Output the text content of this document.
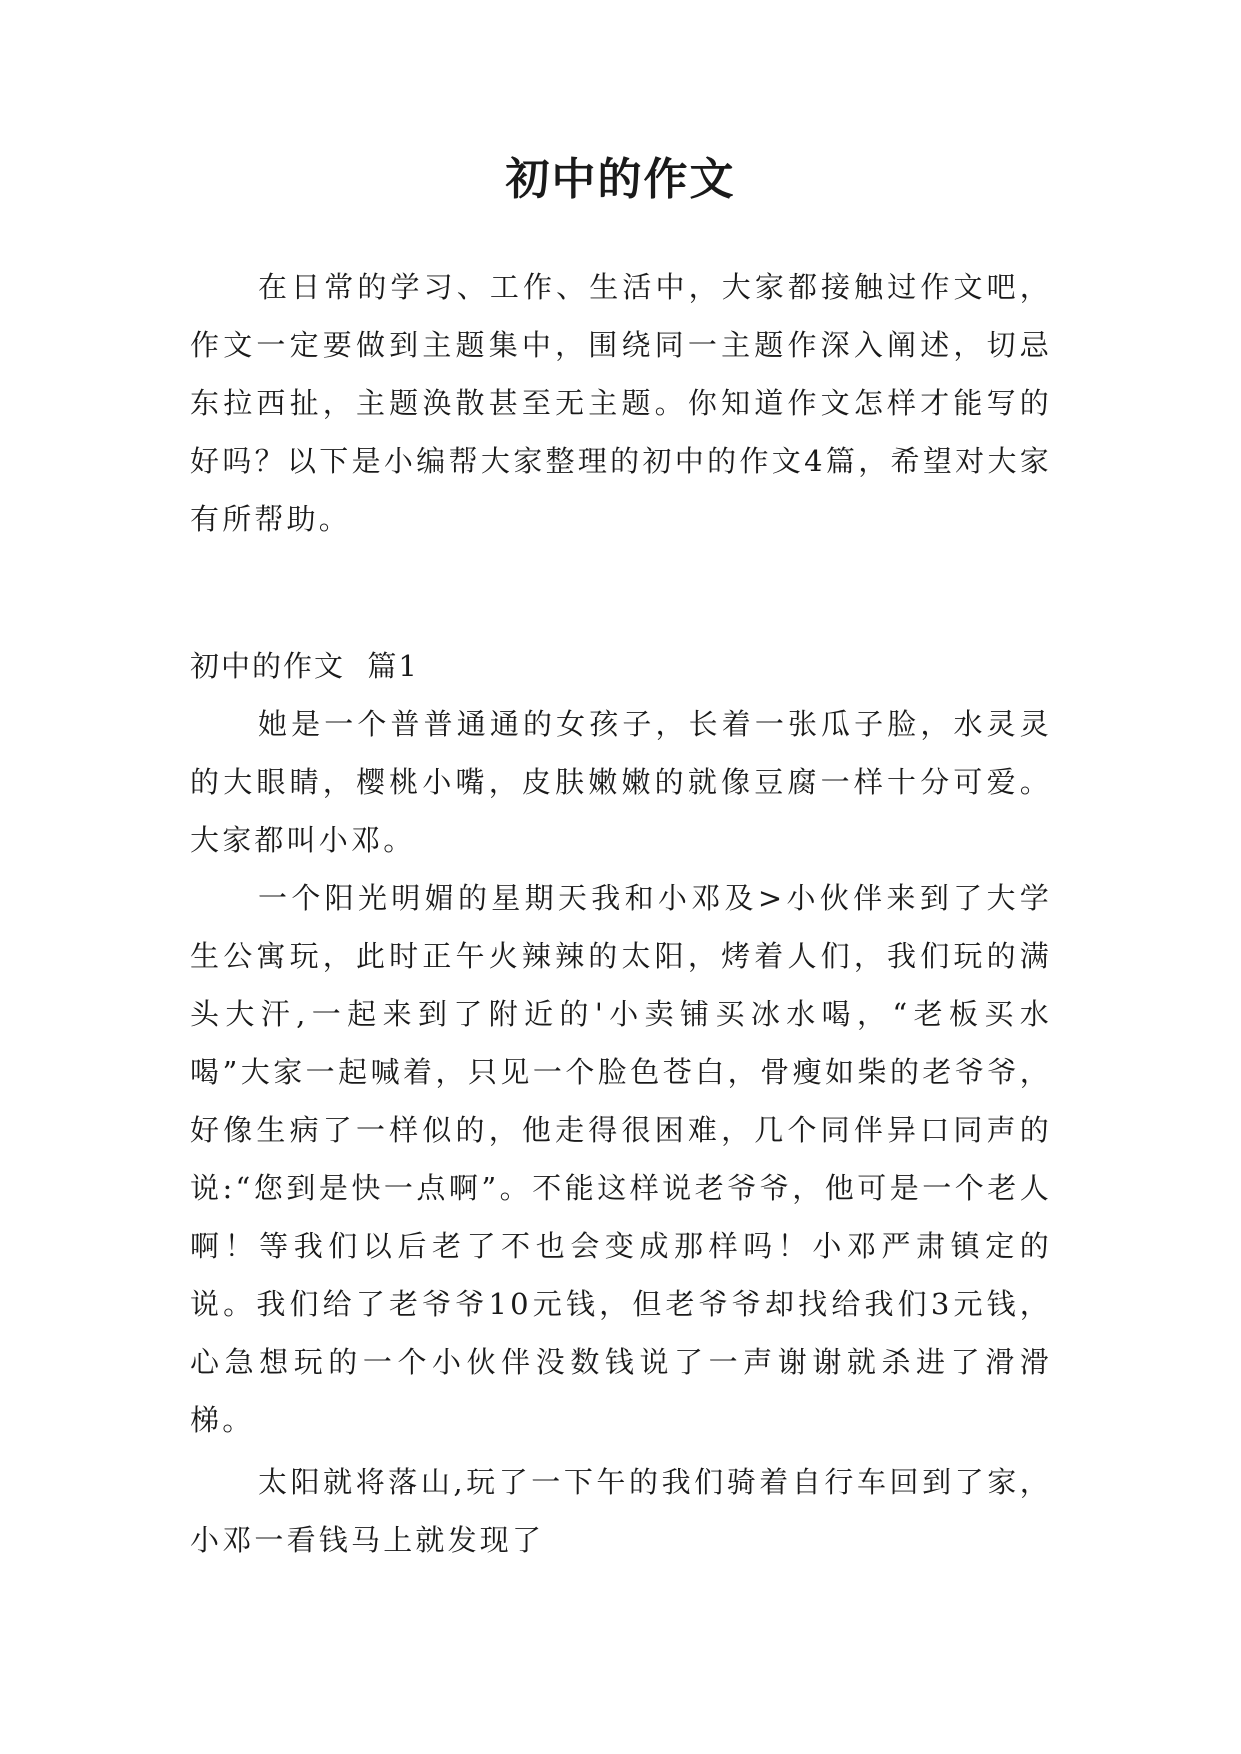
初中的作文

在日常的学习、工作、生活中，大家都接触过作文吧，作文一定要做到主题集中，围绕同一主题作深入阐述，切忌东拉西扯，主题涣散甚至无主题。你知道作文怎样才能写的好吗？以下是小编帮大家整理的初中的作文4篇，希望对大家有所帮助。

初中的作文  篇1

她是一个普普通通的女孩子，长着一张瓜子脸，水灵灵的大眼睛，樱桃小嘴，皮肤嫩嫩的就像豆腐一样十分可爱。大家都叫小邓。

一个阳光明媚的星期天我和小邓及>小伙伴来到了大学生公寓玩，此时正午火辣辣的太阳，烤着人们，我们玩的满头大汗,一起来到了附近的'小卖铺买冰水喝，“老板买水喝”大家一起喊着，只见一个脸色苍白，骨瘦如柴的老爷爷，好像生病了一样似的，他走得很困难，几个同伴异口同声的说:“您到是快一点啊”。不能这样说老爷爷，他可是一个老人啊！等我们以后老了不也会变成那样吗！小邓严肃镇定的说。我们给了老爷爷10元钱，但老爷爷却找给我们3元钱，心急想玩的一个小伙伴没数钱说了一声谢谢就杀进了滑滑梯。

太阳就将落山,玩了一下午的我们骑着自行车回到了家，小邓一看钱马上就发现了
